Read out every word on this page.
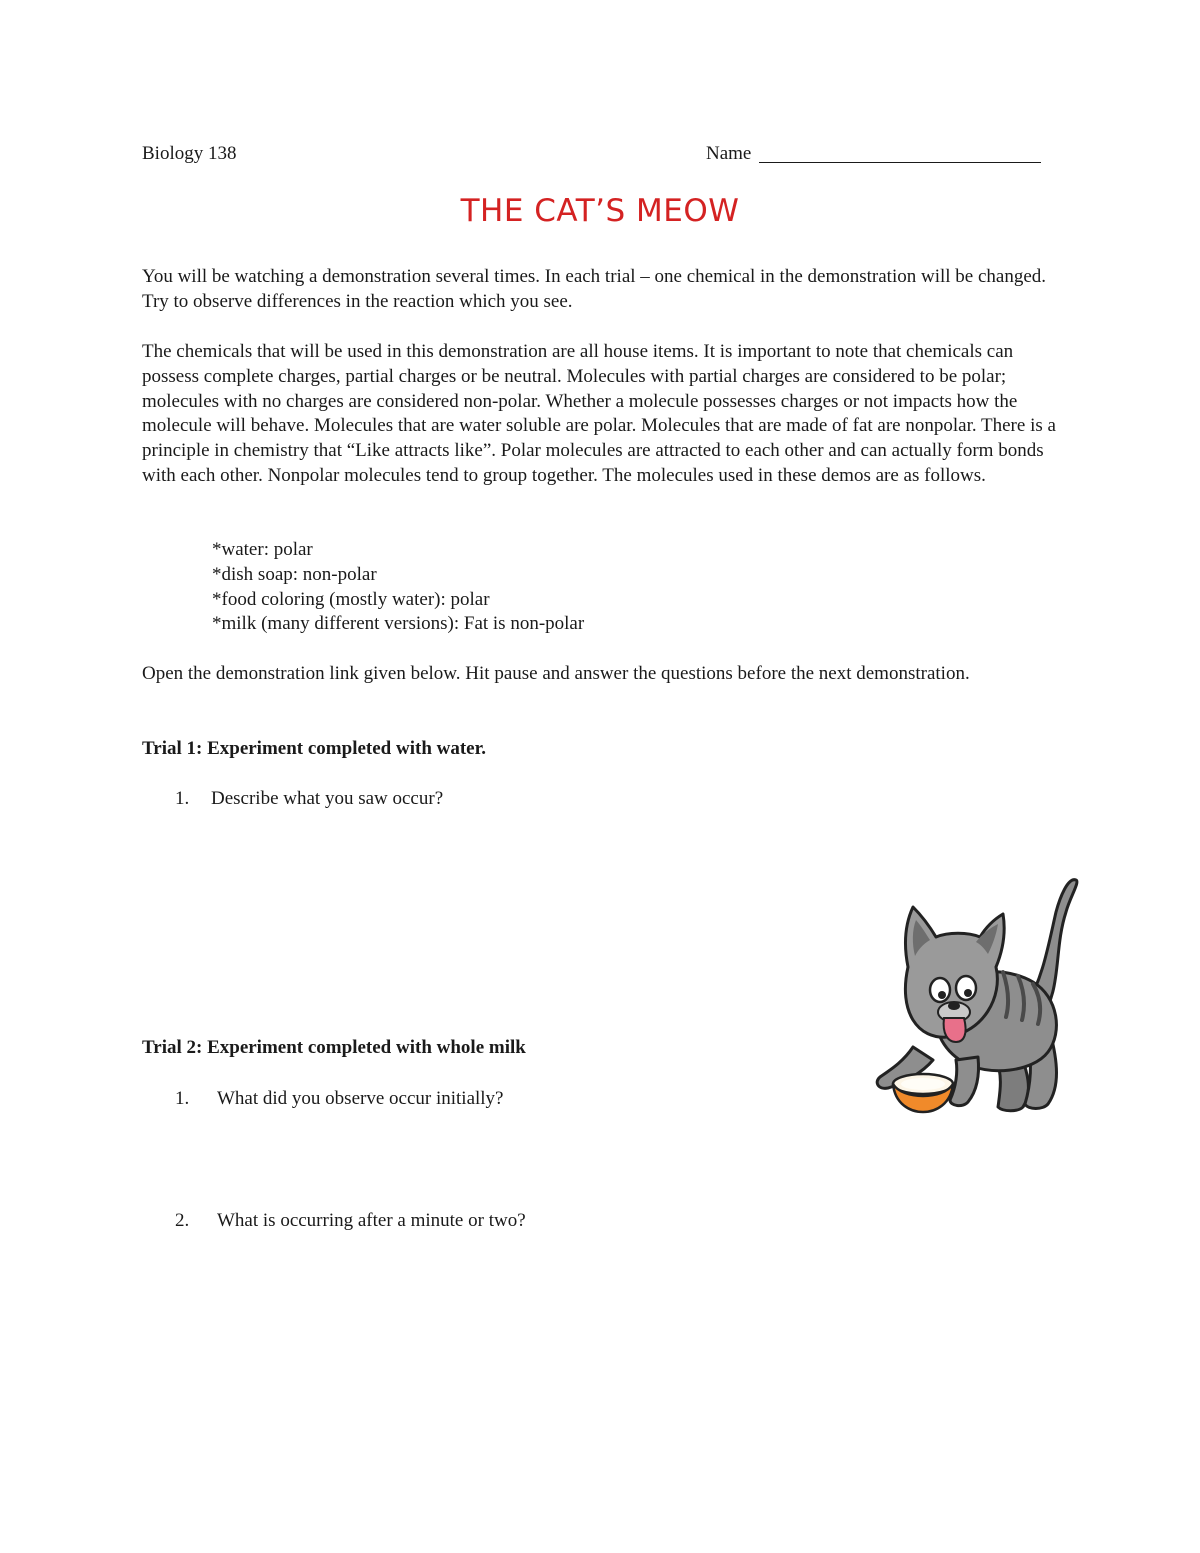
Biology 138	Name
THE CAT’S MEOW

You will be watching a demonstration several times. In each trial – one chemical in the demonstration will be changed. Try to observe differences in the reaction which you see.

The chemicals that will be used in this demonstration are all house items. It is important to note that chemicals can possess complete charges, partial charges or be neutral. Molecules with partial charges are considered to be polar; molecules with no charges are considered non-polar. Whether a molecule possesses charges or not impacts how the molecule will behave. Molecules that are water soluble are polar. Molecules that are made of fat are nonpolar. There is a principle in chemistry that “Like attracts like”. Polar molecules are attracted to each other and can actually form bonds with each other. Nonpolar molecules tend to group together. The molecules used in these demos are as follows.

*water: polar
*dish soap: non-polar
*food coloring (mostly water): polar
*milk (many different versions): Fat is non-polar

Open the demonstration link given below. Hit pause and answer the questions before the next demonstration.

Trial 1: Experiment completed with water.
1.	Describe what you saw occur?
Trial 2: Experiment completed with whole milk
1.	What did you observe occur initially?
2.	What is occurring after a minute or two?
